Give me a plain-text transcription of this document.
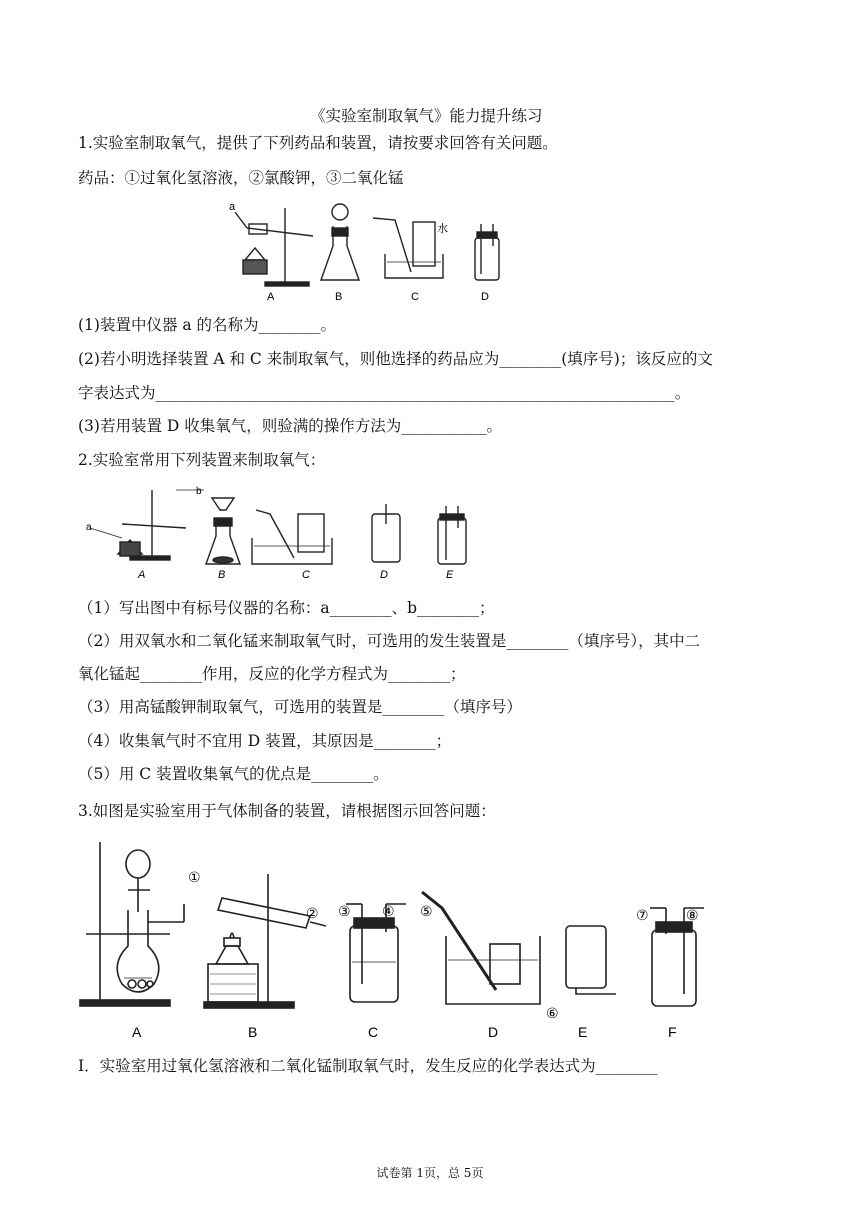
《实验室制取氧气》能力提升练习
1.实验室制取氧气，提供了下列药品和装置，请按要求回答有关问题。
药品：①过氧化氢溶液，②氯酸钾，③二氧化锰
a
水
A	B	C	D
(1)装置中仪器 a 的名称为________。
(2)若小明选择装置 A 和 C 来制取氧气，则他选择的药品应为________(填序号)；该反应的文
字表达式为___________________________________________________________________。
(3)若用装置 D 收集氧气，则验满的操作方法为___________。
2.实验室常用下列装置来制取氧气：
a
b
A	B	C	D	E
（1）写出图中有标号仪器的名称：a________、b________；
（2）用双氧水和二氧化锰来制取氧气时，可选用的发生装置是________（填序号），其中二
氧化锰起________作用，反应的化学方程式为________；
（3）用高锰酸钾制取氧气，可选用的装置是________（填序号）
（4）收集氧气时不宜用 D 装置，其原因是________；
（5）用 C 装置收集氧气的优点是________。
3.如图是实验室用于气体制备的装置，请根据图示回答问题：
①
② ③ ④ ⑤
⑥
⑦	⑧
A	B	C	D	E	F
Ⅰ．实验室用过氧化氢溶液和二氧化锰制取氧气时，发生反应的化学表达式为________
试卷第 1页，总 5页
